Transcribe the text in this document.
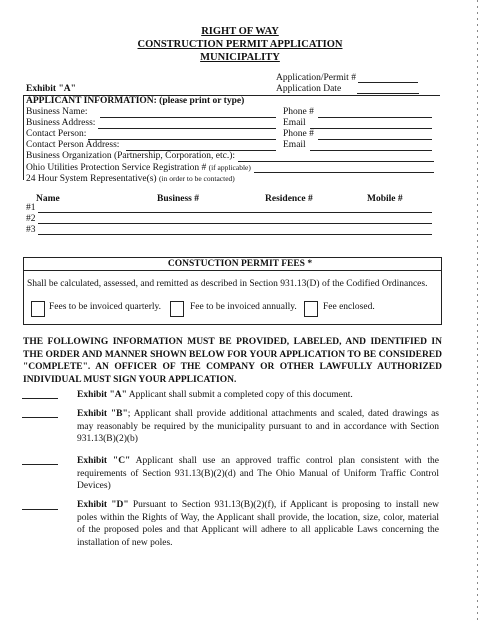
RIGHT OF WAY
CONSTRUCTION PERMIT APPLICATION
MUNICIPALITY
Application/Permit #
Application Date
Exhibit "A"
APPLICANT INFORMATION: (please print or type)
Business Name:	Phone #
Business Address:	Email
Contact Person:	Phone #
Contact Person Address:	Email
Business Organization (Partnership, Corporation, etc.):
Ohio Utilities Protection Service Registration # (if applicable)
24 Hour System Representative(s) (in order to be contacted)
Name	Business #	Residence #	Mobile #
#1
#2
#3
CONSTUCTION PERMIT FEES *
Shall be calculated, assessed, and remitted as described in Section 931.13(D) of the Codified Ordinances.
Fees to be invoiced quarterly.	Fee to be invoiced annually.	Fee enclosed.
THE FOLLOWING INFORMATION MUST BE PROVIDED, LABELED, AND IDENTIFIED IN THE ORDER AND MANNER SHOWN BELOW FOR YOUR APPLICATION TO BE CONSIDERED "COMPLETE". AN OFFICER OF THE COMPANY OR OTHER LAWFULLY AUTHORIZED INDIVIDUAL MUST SIGN YOUR APPLICATION.
Exhibit "A" Applicant shall submit a completed copy of this document.
Exhibit "B"; Applicant shall provide additional attachments and scaled, dated drawings as may reasonably be required by the municipality pursuant to and in accordance with Section 931.13(B)(2)(b)
Exhibit "C" Applicant shall use an approved traffic control plan consistent with the requirements of Section 931.13(B)(2)(d) and The Ohio Manual of Uniform Traffic Control Devices)
Exhibit "D" Pursuant to Section 931.13(B)(2)(f), if Applicant is proposing to install new poles within the Rights of Way, the Applicant shall provide, the location, size, color, material of the proposed poles and that Applicant will adhere to all applicable Laws concerning the installation of new poles.
